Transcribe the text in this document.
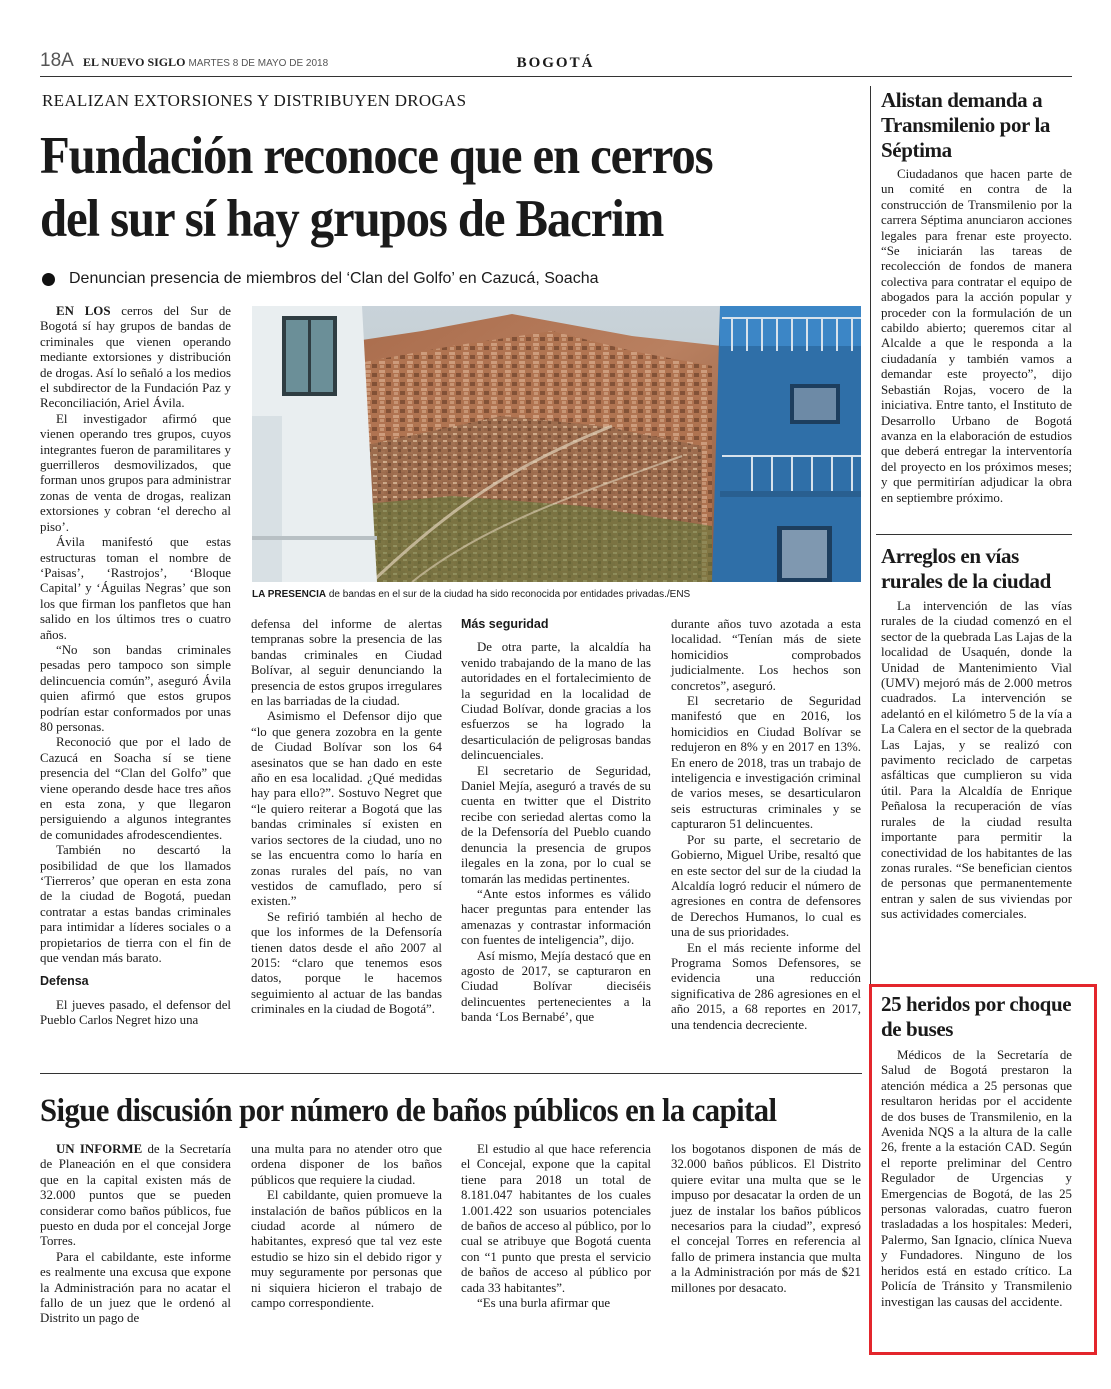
18A EL NUEVO SIGLO MARTES 8 DE MAYO DE 2018	BOGOTÁ
REALIZAN EXTORSIONES Y DISTRIBUYEN DROGAS
Fundación reconoce que en cerros
del sur sí hay grupos de Bacrim
Denuncian presencia de miembros del ‘Clan del Golfo’ en Cazucá, Soacha

EN LOS cerros del Sur de Bogotá sí hay grupos de bandas de criminales que vienen operando mediante extorsiones y distribución de drogas. Así lo señaló a los medios el subdirector de la Fundación Paz y Reconciliación, Ariel Ávila.

El investigador afirmó que vienen operando tres grupos, cuyos integrantes fueron de paramilitares y guerrilleros desmovilizados, que forman unos grupos para administrar zonas de venta de drogas, realizan extorsiones y cobran ‘el derecho al piso’.

Ávila manifestó que estas estructuras toman el nombre de ‘Paisas’, ‘Rastrojos’, ‘Bloque Capital’ y ‘Águilas Negras’ que son los que firman los panfletos que han salido en los últimos tres o cuatro años.

“No son bandas criminales pesadas pero tampoco son simple delincuencia común”, aseguró Ávila quien afirmó que estos grupos podrían estar conformados por unas 80 personas.

Reconoció que por el lado de Cazucá en Soacha sí se tiene presencia del “Clan del Golfo” que viene operando desde hace tres años en esta zona, y que llegaron persiguiendo a algunos integrantes de comunidades afrodescendientes.

También no descartó la posibilidad de que los llamados ‘Tierreros’ que operan en esta zona de la ciudad de Bogotá, puedan contratar a estas bandas criminales para intimidar a líderes sociales o a propietarios de tierra con el fin de que vendan más barato.

Defensa

El jueves pasado, el defensor del Pueblo Carlos Negret hizo una

LA PRESENCIA de bandas en el sur de la ciudad ha sido reconocida por entidades privadas./ENS

defensa del informe de alertas tempranas sobre la presencia de las bandas criminales en Ciudad Bolívar, al seguir denunciando la presencia de estos grupos irregulares en las barriadas de la ciudad.

Asimismo el Defensor dijo que “lo que genera zozobra en la gente de Ciudad Bolívar son los 64 asesinatos que se han dado en este año en esa localidad. ¿Qué medidas hay para ello?”. Sostuvo Negret que “le quiero reiterar a Bogotá que las bandas criminales sí existen en varios sectores de la ciudad, uno no se las encuentra como lo haría en zonas rurales del país, no van vestidos de camuflado, pero sí existen.”

Se refirió también al hecho de que los informes de la Defensoría tienen datos desde el año 2007 al 2015: “claro que tenemos esos datos, porque le hacemos seguimiento al actuar de las bandas criminales en la ciudad de Bogotá”.

Más seguridad

De otra parte, la alcaldía ha venido trabajando de la mano de las autoridades en el fortalecimiento de la seguridad en la localidad de Ciudad Bolívar, donde gracias a los esfuerzos se ha logrado la desarticulación de peligrosas bandas delincuenciales.

El secretario de Seguridad, Daniel Mejía, aseguró a través de su cuenta en twitter que el Distrito recibe con seriedad alertas como la de la Defensoría del Pueblo cuando denuncia la presencia de grupos ilegales en la zona, por lo cual se tomarán las medidas pertinentes.

“Ante estos informes es válido hacer preguntas para entender las amenazas y contrastar información con fuentes de inteligencia”, dijo.

Así mismo, Mejía destacó que en agosto de 2017, se capturaron en Ciudad Bolívar dieciséis delincuentes pertenecientes a la banda ‘Los Bernabé’, que

durante años tuvo azotada a esta localidad. “Tenían más de siete homicidios comprobados judicialmente. Los hechos son concretos”, aseguró.

El secretario de Seguridad manifestó que en 2016, los homicidios en Ciudad Bolívar se redujeron en 8% y en 2017 en 13%. En enero de 2018, tras un trabajo de inteligencia e investigación criminal de varios meses, se desarticularon seis estructuras criminales y se capturaron 51 delincuentes.

Por su parte, el secretario de Gobierno, Miguel Uribe, resaltó que en este sector del sur de la ciudad la Alcaldía logró reducir el número de agresiones en contra de defensores de Derechos Humanos, lo cual es una de sus prioridades.

En el más reciente informe del Programa Somos Defensores, se evidencia una reducción significativa de 286 agresiones en el año 2015, a 68 reportes en 2017, una tendencia decreciente.

Alistan demanda a Transmilenio por la Séptima

Ciudadanos que hacen parte de un comité en contra de la construcción de Transmilenio por la carrera Séptima anunciaron acciones legales para frenar este proyecto. “Se iniciarán las tareas de recolección de fondos de manera colectiva para contratar el equipo de abogados para la acción popular y proceder con la formulación de un cabildo abierto; queremos citar al Alcalde a que le responda a la ciudadanía y también vamos a demandar este proyecto”, dijo Sebastián Rojas, vocero de la iniciativa. Entre tanto, el Instituto de Desarrollo Urbano de Bogotá avanza en la elaboración de estudios que deberá entregar la interventoría del proyecto en los próximos meses; y que permitirían adjudicar la obra en septiembre próximo.

Arreglos en vías rurales de la ciudad

La intervención de las vías rurales de la ciudad comenzó en el sector de la quebrada Las Lajas de la localidad de Usaquén, donde la Unidad de Mantenimiento Vial (UMV) mejoró más de 2.000 metros cuadrados. La intervención se adelantó en el kilómetro 5 de la vía a La Calera en el sector de la quebrada Las Lajas, y se realizó con pavimento reciclado de carpetas asfálticas que cumplieron su vida útil. Para la Alcaldía de Enrique Peñalosa la recuperación de vías rurales de la ciudad resulta importante para permitir la conectividad de los habitantes de las zonas rurales. “Se benefician cientos de personas que permanentemente entran y salen de sus viviendas por sus actividades comerciales.

25 heridos por choque de buses

Médicos de la Secretaría de Salud de Bogotá prestaron la atención médica a 25 personas que resultaron heridas por el accidente de dos buses de Transmilenio, en la Avenida NQS a la altura de la calle 26, frente a la estación CAD. Según el reporte preliminar del Centro Regulador de Urgencias y Emergencias de Bogotá, de las 25 personas valoradas, cuatro fueron trasladadas a los hospitales: Mederi, Palermo, San Ignacio, clínica Nueva y Fundadores. Ninguno de los heridos está en estado crítico. La Policía de Tránsito y Transmilenio investigan las causas del accidente.

Sigue discusión por número de baños públicos en la capital

UN INFORME de la Secretaría de Planeación en el que considera que en la capital existen más de 32.000 puntos que se pueden considerar como baños públicos, fue puesto en duda por el concejal Jorge Torres.

Para el cabildante, este informe es realmente una excusa que expone la Administración para no acatar el fallo de un juez que le ordenó al Distrito un pago de

una multa para no atender otro que ordena disponer de los baños públicos que requiere la ciudad.

El cabildante, quien promueve la instalación de baños públicos en la ciudad acorde al número de habitantes, expresó que tal vez este estudio se hizo sin el debido rigor y muy seguramente por personas que ni siquiera hicieron el trabajo de campo correspondiente.

El estudio al que hace referencia el Concejal, expone que la capital tiene para 2018 un total de 8.181.047 habitantes de los cuales 1.001.422 son usuarios potenciales de baños de acceso al público, por lo cual se atribuye que Bogotá cuenta con “1 punto que presta el servicio de baños de acceso al público por cada 33 habitantes”.

“Es una burla afirmar que

los bogotanos disponen de más de 32.000 baños públicos. El Distrito quiere evitar una multa que se le impuso por desacatar la orden de un juez de instalar los baños públicos necesarios para la ciudad”, expresó el concejal Torres en referencia al fallo de primera instancia que multa a la Administración por más de $21 millones por desacato.
